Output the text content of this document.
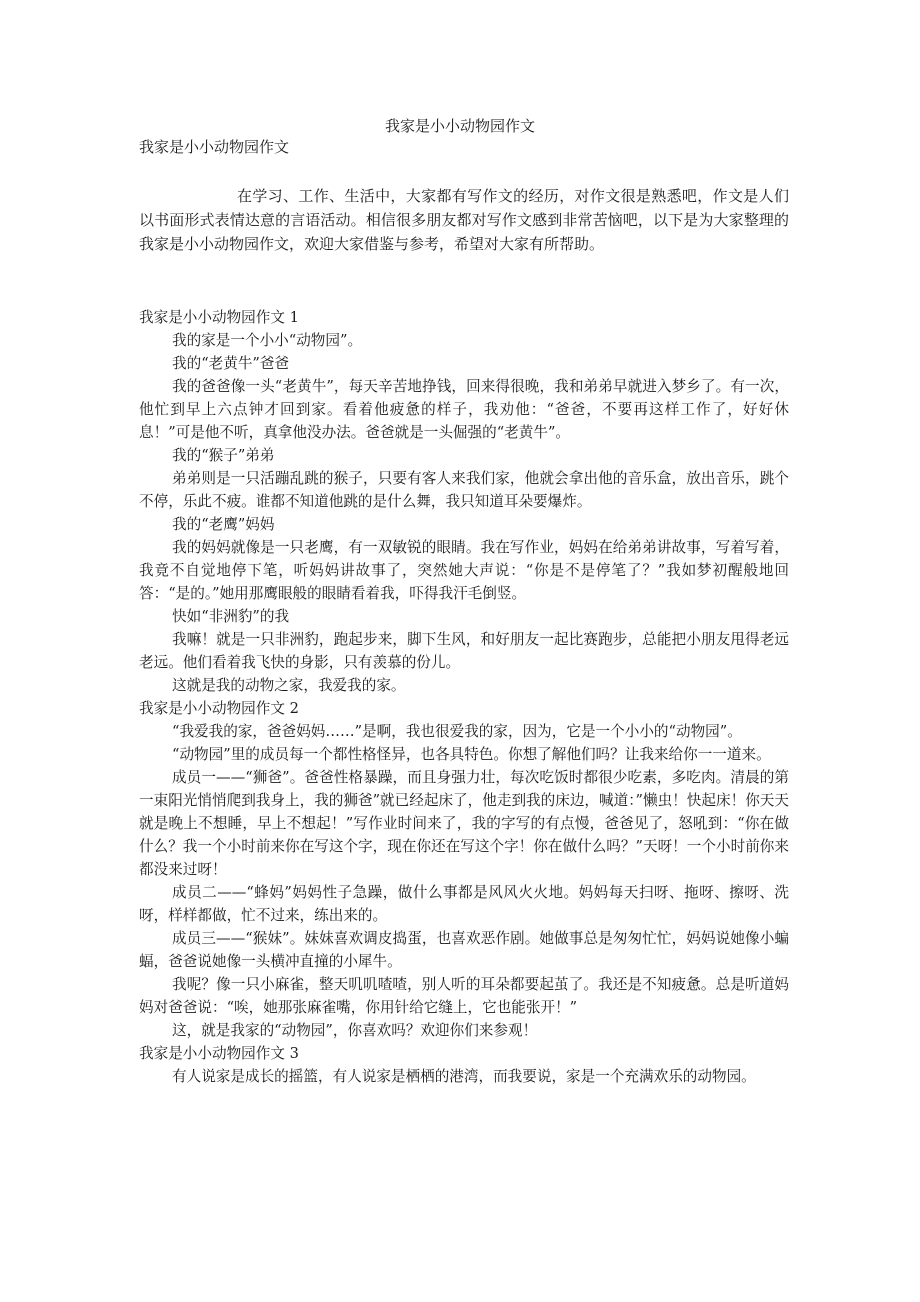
我家是小小动物园作文
我家是小小动物园作文

在学习、工作、生活中，大家都有写作文的经历，对作文很是熟悉吧，作文是人们以书面形式表情达意的言语活动。相信很多朋友都对写作文感到非常苦恼吧，以下是为大家整理的我家是小小动物园作文，欢迎大家借鉴与参考，希望对大家有所帮助。

我家是小小动物园作文 1

我的家是一个小小“动物园”。

我的“老黄牛”爸爸

我的爸爸像一头“老黄牛”，每天辛苦地挣钱，回来得很晚，我和弟弟早就进入梦乡了。有一次，他忙到早上六点钟才回到家。看着他疲惫的样子，我劝他：“爸爸，不要再这样工作了，好好休息！”可是他不听，真拿他没办法。爸爸就是一头倔强的“老黄牛”。

我的“猴子”弟弟

弟弟则是一只活蹦乱跳的猴子，只要有客人来我们家，他就会拿出他的音乐盒，放出音乐，跳个不停，乐此不疲。谁都不知道他跳的是什么舞，我只知道耳朵要爆炸。

我的“老鹰”妈妈

我的妈妈就像是一只老鹰，有一双敏锐的眼睛。我在写作业，妈妈在给弟弟讲故事，写着写着，我竟不自觉地停下笔，听妈妈讲故事了，突然她大声说：“你是不是停笔了？”我如梦初醒般地回答：“是的。”她用那鹰眼般的眼睛看着我，吓得我汗毛倒竖。

快如“非洲豹”的我

我嘛！就是一只非洲豹，跑起步来，脚下生风，和好朋友一起比赛跑步，总能把小朋友甩得老远老远。他们看着我飞快的身影，只有羡慕的份儿。

这就是我的动物之家，我爱我的家。

我家是小小动物园作文 2

“我爱我的家，爸爸妈妈……”是啊，我也很爱我的家，因为，它是一个小小的“动物园”。

“动物园”里的成员每一个都性格怪异，也各具特色。你想了解他们吗？让我来给你一一道来。

成员一——“狮爸”。爸爸性格暴躁，而且身强力壮，每次吃饭时都很少吃素，多吃肉。清晨的第一束阳光悄悄爬到我身上，我的狮爸”就已经起床了，他走到我的床边，喊道：”懒虫！快起床！你天天就是晚上不想睡，早上不想起！”写作业时间来了，我的字写的有点慢，爸爸见了，怒吼到：“你在做什么？我一个小时前来你在写这个字，现在你还在写这个字！你在做什么吗？”天呀！一个小时前你来都没来过呀！

成员二——“蜂妈”妈妈性子急躁，做什么事都是风风火火地。妈妈每天扫呀、拖呀、擦呀、洗呀，样样都做，忙不过来，练出来的。

成员三——“猴妹”。妹妹喜欢调皮捣蛋，也喜欢恶作剧。她做事总是匆匆忙忙，妈妈说她像小蝙蝠，爸爸说她像一头横冲直撞的小犀牛。

我呢？像一只小麻雀，整天叽叽喳喳，别人听的耳朵都要起茧了。我还是不知疲惫。总是听道妈妈对爸爸说：“唉，她那张麻雀嘴，你用针给它缝上，它也能张开！”

这，就是我家的“动物园”，你喜欢吗？欢迎你们来参观！

我家是小小动物园作文 3

有人说家是成长的摇篮，有人说家是栖栖的港湾，而我要说，家是一个充满欢乐的动物园。
